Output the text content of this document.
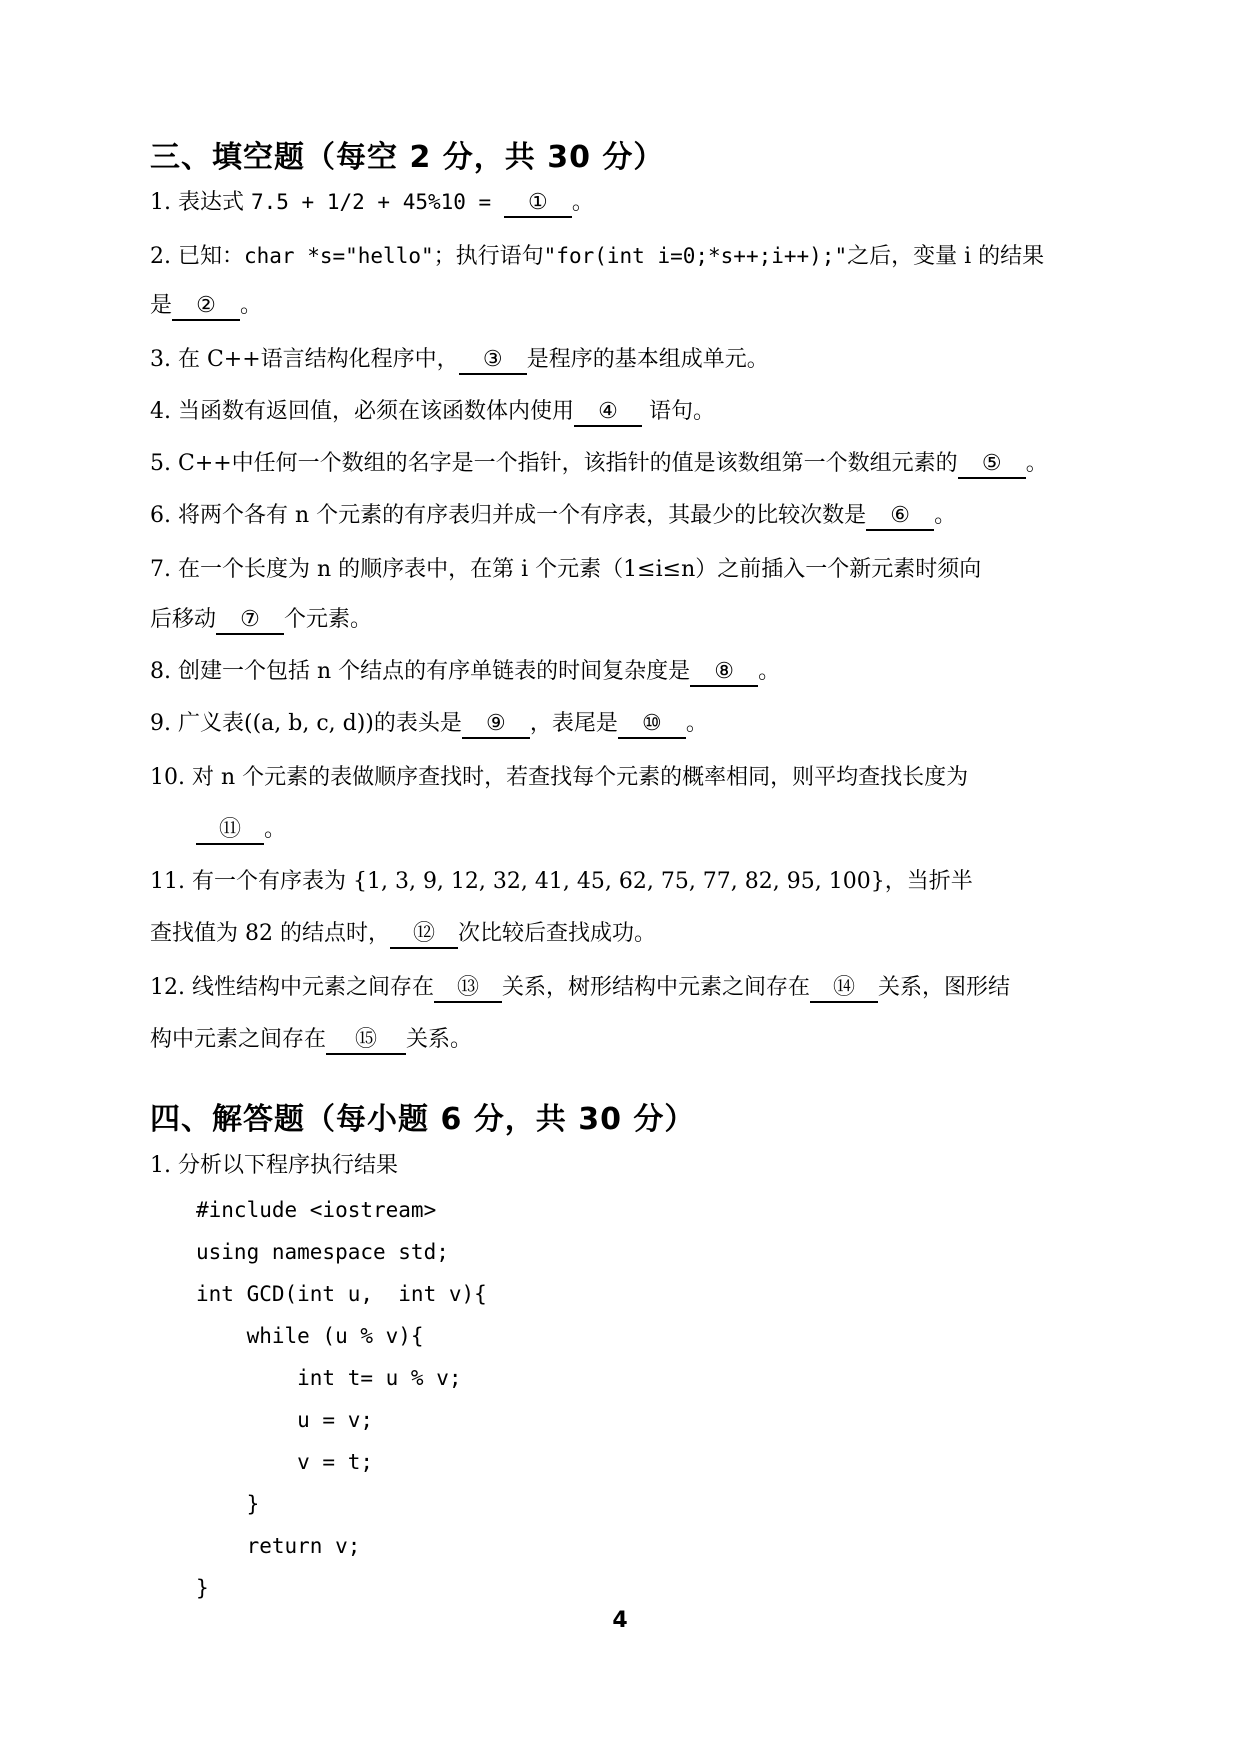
三、填空题（每空 2 分，共 30 分）
1. 表达式 7.5 + 1/2 + 45%10 = ① 。
2. 已知：char *s="hello"；执行语句"for(int i=0;*s++;i++);"之后，变量 i 的结果
是 ② 。
3. 在 C++语言结构化程序中， ③ 是程序的基本组成单元。
4. 当函数有返回值，必须在该函数体内使用 ④ 语句。
5. C++中任何一个数组的名字是一个指针，该指针的值是该数组第一个数组元素的 ⑤ 。
6. 将两个各有 n 个元素的有序表归并成一个有序表，其最少的比较次数是 ⑥ 。
7. 在一个长度为 n 的顺序表中，在第 i 个元素（1≤i≤n）之前插入一个新元素时须向
后移动 ⑦ 个元素。
8. 创建一个包括 n 个结点的有序单链表的时间复杂度是 ⑧ 。
9. 广义表((a, b, c, d))的表头是 ⑨ ，表尾是 ⑩ 。
10. 对 n 个元素的表做顺序查找时，若查找每个元素的概率相同，则平均查找长度为
⑪ 。
11. 有一个有序表为 {1, 3, 9, 12, 32, 41, 45, 62, 75, 77, 82, 95, 100}，当折半
查找值为 82 的结点时， ⑫ 次比较后查找成功。
12. 线性结构中元素之间存在 ⑬ 关系，树形结构中元素之间存在 ⑭ 关系，图形结
构中元素之间存在 ⑮ 关系。
四、解答题（每小题 6 分，共 30 分）
1. 分析以下程序执行结果
#include <iostream>
using namespace std;
int GCD(int u,  int v){
while (u % v){
int t= u % v;
u = v;
v = t;
}
return v;
}
4
